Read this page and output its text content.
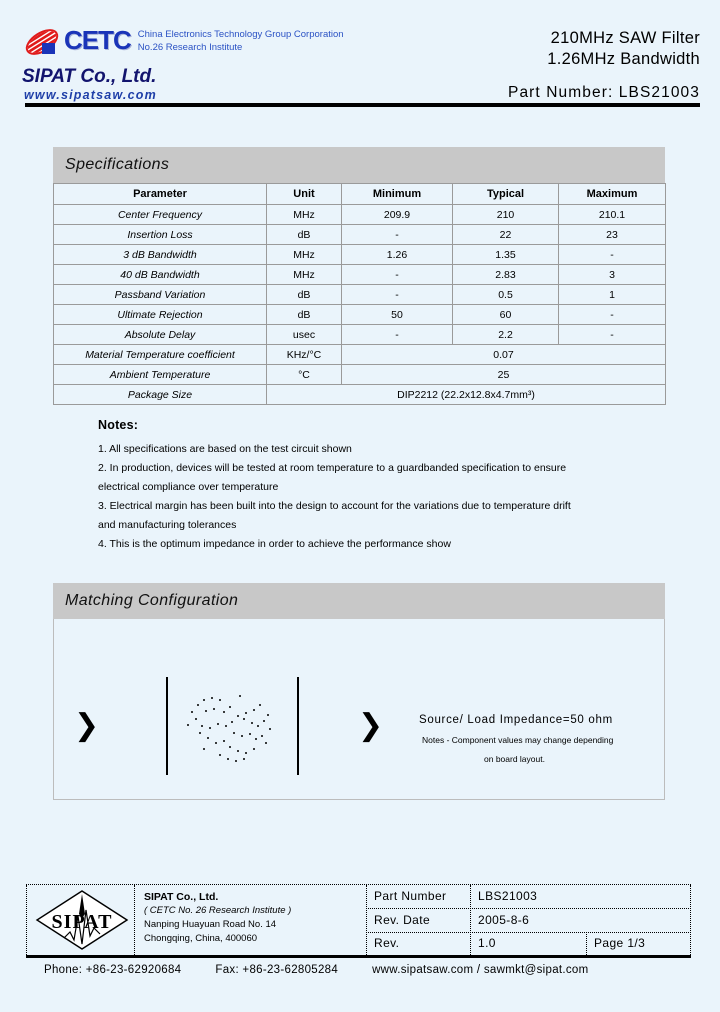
CETC China Electronics Technology Group Corporation
No.26 Research Institute
SIPAT Co., Ltd.
www.sipatsaw.com
210MHz SAW Filter
1.26MHz Bandwidth
Part Number: LBS21003
Specifications
Parameter	Unit	Minimum	Typical	Maximum
Center Frequency	MHz	209.9	210	210.1
Insertion Loss	dB	-	22	23
3 dB Bandwidth	MHz	1.26	1.35	-
40 dB Bandwidth	MHz	-	2.83	3
Passband Variation	dB	-	0.5	1
Ultimate Rejection	dB	50	60	-
Absolute Delay	usec	-	2.2	-
Material Temperature coefficient	KHz/°C	0.07		
Ambient Temperature	°C	25		
Package Size	DIP2212 (22.2x12.8x4.7mm³)			
Notes:
1. All specifications are based on the test circuit shown
2. In production, devices will be tested at room temperature to a guardbanded specification to ensure
electrical compliance over temperature
3. Electrical margin has been built into the design to account for the variations due to temperature drift
and manufacturing tolerances
4. This is the optimum impedance in order to achieve the performance show
Matching Configuration
❯	❯	Source/ Load Impedance=50 ohm
Notes - Component values may change depending
on board layout.
SIPAT
SIPAT Co., Ltd.
( CETC No. 26 Research Institute )
Nanping Huayuan Road No. 14
Chongqing, China, 400060
Part Number	LBS21003
Rev. Date	2005-8-6
Rev.	1.0	Page 1/3
Phone: +86-23-62920684	Fax: +86-23-62805284	www.sipatsaw.com / sawmkt@sipat.com
